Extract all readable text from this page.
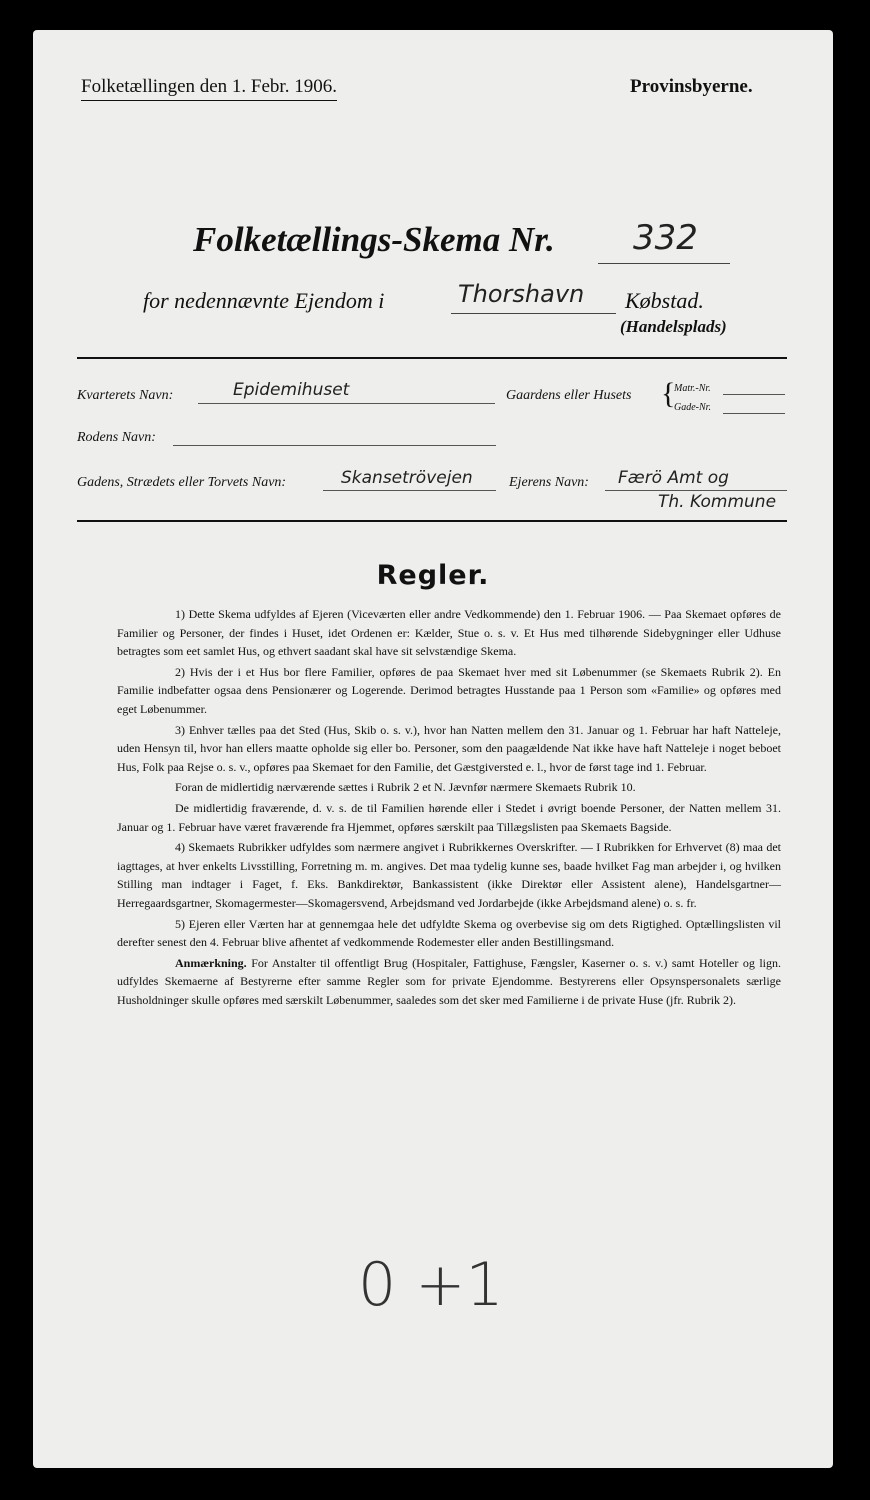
Folketællingen den 1. Febr. 1906.	Provinsbyerne.
Folketællings-Skema Nr. 332
for nedennævnte Ejendom i	Thorshavn Købstad.
(Handelsplads)
Kvarterets Navn:	Epidemihuset	Gaardens eller Husets {
Matr.-Nr.
Gade-Nr.
Rodens Navn:
Gadens, Strædets eller Torvets Navn:	Skansetrövejen	Ejerens Navn: Færö Amt og
Th. Kommune
Regler.

1) Dette Skema udfyldes af Ejeren (Viceværten eller andre Vedkommende) den 1. Februar 1906. — Paa Skemaet opføres de Familier og Personer, der findes i Huset, idet Ordenen er: Kælder, Stue o. s. v. Et Hus med tilhørende Sidebygninger eller Udhuse betragtes som eet samlet Hus, og ethvert saadant skal have sit selvstændige Skema.

2) Hvis der i et Hus bor flere Familier, opføres de paa Skemaet hver med sit Løbenummer (se Skemaets Rubrik 2). En Familie indbefatter ogsaa dens Pensionærer og Logerende. Derimod betragtes Husstande paa 1 Person som «Familie» og opføres med eget Løbenummer.

3) Enhver tælles paa det Sted (Hus, Skib o. s. v.), hvor han Natten mellem den 31. Januar og 1. Februar har haft Natteleje, uden Hensyn til, hvor han ellers maatte opholde sig eller bo. Personer, som den paagældende Nat ikke have haft Natteleje i noget beboet Hus, Folk paa Rejse o. s. v., opføres paa Skemaet for den Familie, det Gæstgiversted e. l., hvor de først tage ind 1. Februar.

Foran de midlertidig nærværende sættes i Rubrik 2 et N. Jævnfør nærmere Skemaets Rubrik 10.

De midlertidig fraværende, d. v. s. de til Familien hørende eller i Stedet i øvrigt boende Personer, der Natten mellem 31. Januar og 1. Februar have været fraværende fra Hjemmet, opføres særskilt paa Tillægslisten paa Skemaets Bagside.

4) Skemaets Rubrikker udfyldes som nærmere angivet i Rubrikkernes Overskrifter. — I Rubrikken for Erhvervet (8) maa det iagttages, at hver enkelts Livsstilling, Forretning m. m. angives. Det maa tydelig kunne ses, baade hvilket Fag man arbejder i, og hvilken Stilling man indtager i Faget, f. Eks. Bankdirektør, Bankassistent (ikke Direktør eller Assistent alene), Handelsgartner—Herregaardsgartner, Skomagermester—Skomagersvend, Arbejdsmand ved Jordarbejde (ikke Arbejdsmand alene) o. s. fr.

5) Ejeren eller Værten har at gennemgaa hele det udfyldte Skema og overbevise sig om dets Rigtighed. Optællingslisten vil derefter senest den 4. Februar blive afhentet af vedkommende Rodemester eller anden Bestillingsmand.

Anmærkning. For Anstalter til offentligt Brug (Hospitaler, Fattighuse, Fængsler, Kaserner o. s. v.) samt Hoteller og lign. udfyldes Skemaerne af Bestyrerne efter samme Regler som for private Ejendomme. Bestyrerens eller Opsynspersonalets særlige Husholdninger skulle opføres med særskilt Løbenummer, saaledes som det sker med Familierne i de private Huse (jfr. Rubrik 2).

0 +1
